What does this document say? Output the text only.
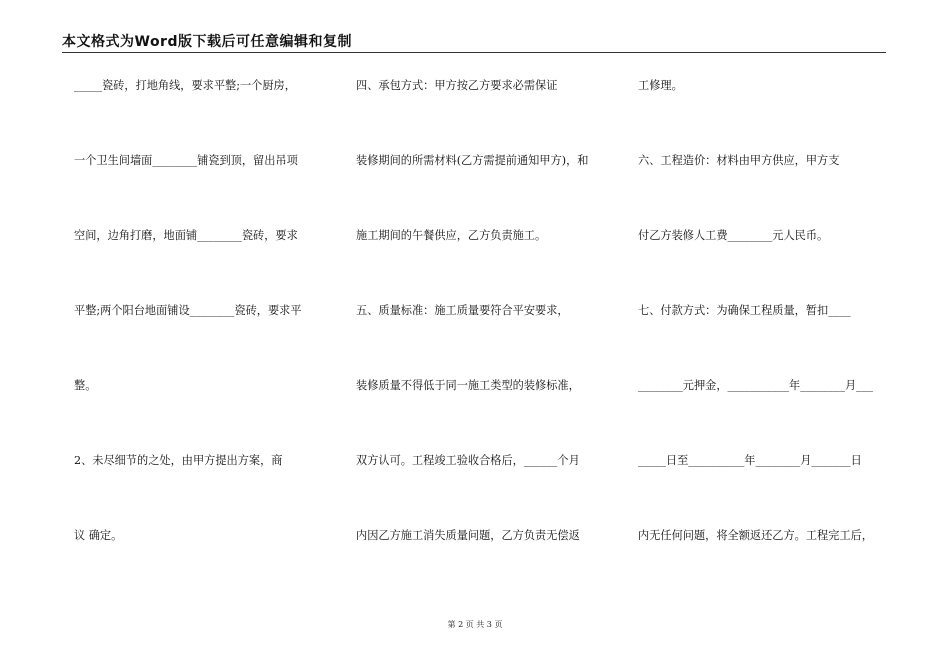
本文格式为Word版下载后可任意编辑和复制
_____瓷砖，打地角线，要求平整;一个厨房，
一个卫生间墙面________铺瓷到顶，留出吊项
空间，边角打磨，地面铺________瓷砖，要求
平整;两个阳台地面铺设________瓷砖，要求平
整。
2、未尽细节的之处，由甲方提出方案，商
议 确定。
四、承包方式：甲方按乙方要求必需保证
装修期间的所需材料(乙方需提前通知甲方)，和
施工期间的午餐供应，乙方负责施工。
五、质量标准：施工质量要符合平安要求，
装修质量不得低于同一施工类型的装修标准，
双方认可。工程竣工验收合格后，______个月
内因乙方施工消失质量问题，乙方负责无偿返
工修理。
六、工程造价：材料由甲方供应，甲方支
付乙方装修人工费________元人民币。
七、付款方式：为确保工程质量，暂扣____
________元押金，___________年________月___
_____日至__________年________月_______日
内无任何问题，将全额返还乙方。工程完工后，
第 2 页 共 3 页
